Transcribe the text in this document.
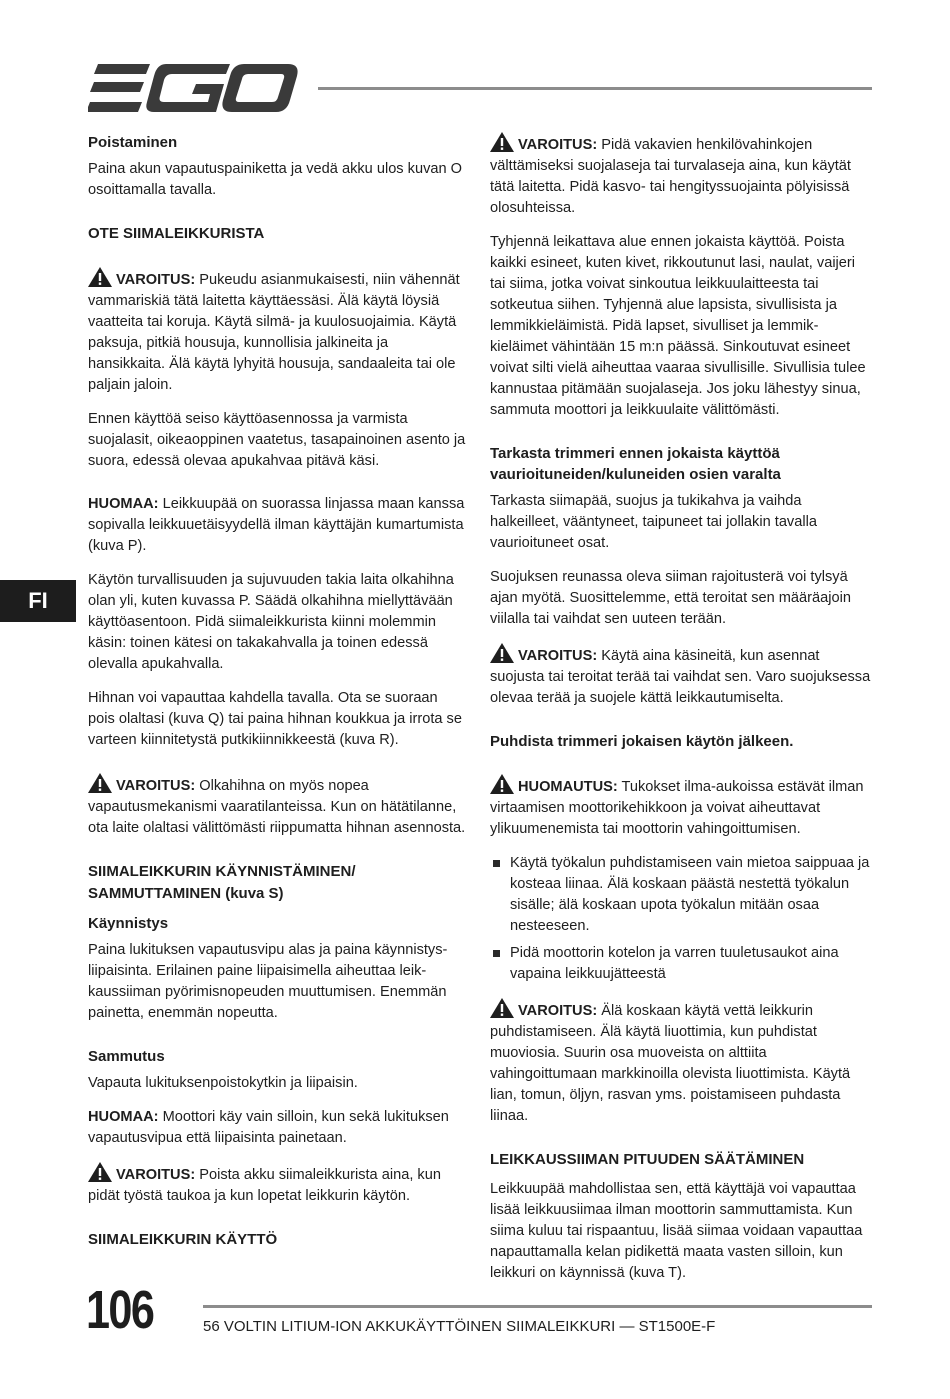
FI
Poistaminen

Paina akun vapautuspainiketta ja vedä akku ulos kuvan O osoittamalla tavalla.

OTE SIIMALEIKKURISTA

VAROITUS: Pukeudu asianmukaisesti, niin vähennät vammariskiä tätä laitetta käyttäessäsi. Älä käytä löysiä vaatteita tai koruja. Käytä silmä- ja kuulosuojaimia. Käytä paksuja, pitkiä housuja, kunnollisia jalkineita ja hansikkaita. Älä käytä lyhyitä housuja, sandaaleita tai ole paljain jaloin.

Ennen käyttöä seiso käyttöasennossa ja varmista suojalasit, oikeaoppinen vaatetus, tasapainoinen asento ja suora, edessä olevaa apukahvaa pitävä käsi.

HUOMAA: Leikkuupää on suorassa linjassa maan kanssa sopivalla leikkuuetäisyydellä ilman käyttäjän kumartumista (kuva P).

Käytön turvallisuuden ja sujuvuuden takia laita olkahihna olan yli, kuten kuvassa P. Säädä olkahihna miellyttävään käyttöasentoon. Pidä siimaleikkurista kiinni molemmin käsin: toinen kätesi on takakahvalla ja toinen edessä olevalla apukahvalla.

Hihnan voi vapauttaa kahdella tavalla. Ota se suoraan pois olaltasi (kuva Q) tai paina hihnan koukkua ja irrota se varteen kiinnitetystä putkikiinnikkeestä (kuva R).

VAROITUS: Olkahihna on myös nopea vapautusmekanismi vaaratilanteissa. Kun on hätätilanne, ota laite olaltasi välittömästi riippumatta hihnan asennosta.

SIIMALEIKKURIN KÄYNNISTÄMINEN/ SAMMUTTAMINEN (kuva S)
Käynnistys

Paina lukituksen vapautusvipu alas ja paina käynnistys-liipaisinta. Erilainen paine liipaisimella aiheuttaa leik-kaussiiman pyörimisnopeuden muuttumisen. Enemmän painetta, enemmän nopeutta.

Sammutus

Vapauta lukituksenpoistokytkin ja liipaisin.

HUOMAA: Moottori käy vain silloin, kun sekä lukituksen vapautusvipua että liipaisinta painetaan.

VAROITUS: Poista akku siimaleikkurista aina, kun pidät työstä taukoa ja kun lopetat leikkurin käytön.

SIIMALEIKKURIN KÄYTTÖ

VAROITUS: Pidä vakavien henkilövahinkojen välttämiseksi suojalaseja tai turvalaseja aina, kun käytät tätä laitetta. Pidä kasvo- tai hengityssuojainta pölyisissä olosuhteissa.

Tyhjennä leikattava alue ennen jokaista käyttöä. Poista kaikki esineet, kuten kivet, rikkoutunut lasi, naulat, vaijeri tai siima, jotka voivat sinkoutua leikkuulaitteesta tai sotkeutua siihen. Tyhjennä alue lapsista, sivullisista ja lemmikkieläimistä. Pidä lapset, sivulliset ja lemmik-kieläimet vähintään 15 m:n päässä. Sinkoutuvat esineet voivat silti vielä aiheuttaa vaaraa sivullisille. Sivullisia tulee kannustaa pitämään suojalaseja. Jos joku lähestyy sinua, sammuta moottori ja leikkuulaite välittömästi.

Tarkasta trimmeri ennen jokaista käyttöä vaurioituneiden/kuluneiden osien varalta

Tarkasta siimapää, suojus ja tukikahva ja vaihda halkeilleet, vääntyneet, taipuneet tai jollakin tavalla vaurioituneet osat.

Suojuksen reunassa oleva siiman rajoitusterä voi tylsyä ajan myötä. Suosittelemme, että teroitat sen määräajoin viilalla tai vaihdat sen uuteen terään.

VAROITUS: Käytä aina käsineitä, kun asennat suojusta tai teroitat terää tai vaihdat sen. Varo suojuksessa olevaa terää ja suojele kättä leikkautumiselta.

Puhdista trimmeri jokaisen käytön jälkeen.

HUOMAUTUS: Tukokset ilma-aukoissa estävät ilman virtaamisen moottorikehikkoon ja voivat aiheuttavat ylikuumenemista tai moottorin vahingoittumisen.

Käytä työkalun puhdistamiseen vain mietoa saippuaa ja kosteaa liinaa. Älä koskaan päästä nestettä työkalun sisälle; älä koskaan upota työkalun mitään osaa nesteeseen.
Pidä moottorin kotelon ja varren tuuletusaukot aina vapaina leikkuujätteestä

VAROITUS: Älä koskaan käytä vettä leikkurin puhdistamiseen. Älä käytä liuottimia, kun puhdistat muoviosia. Suurin osa muoveista on alttiita vahingoittumaan markkinoilla olevista liuottimista. Käytä lian, tomun, öljyn, rasvan yms. poistamiseen puhdasta liinaa.

LEIKKAUSSIIMAN PITUUDEN SÄÄTÄMINEN

Leikkuupää mahdollistaa sen, että käyttäjä voi vapauttaa lisää leikkuusiimaa ilman moottorin sammuttamista. Kun siima kuluu tai rispaantuu, lisää siimaa voidaan vapauttaa napauttamalla kelan pidikettä maata vasten silloin, kun leikkuri on käynnissä (kuva T).

106	56 VOLTIN LITIUM-ION AKKUKÄYTTÖINEN SIIMALEIKKURI — ST1500E-F
